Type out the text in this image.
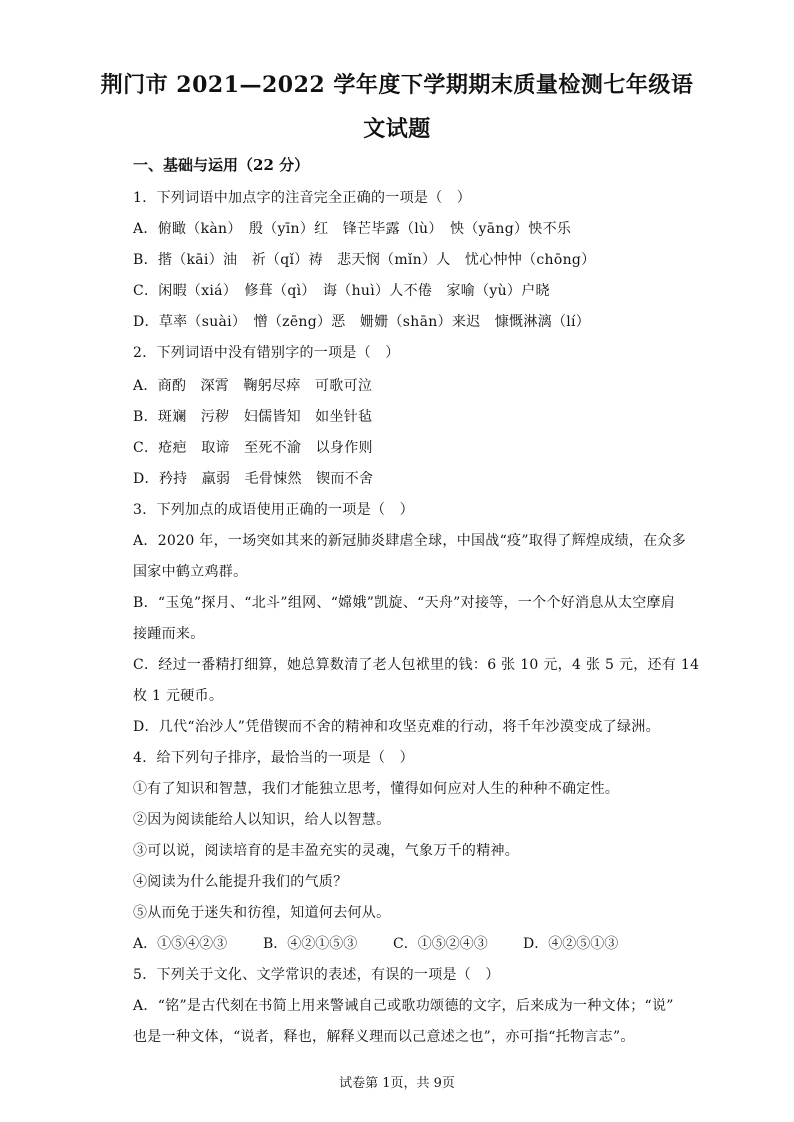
荆门市 2021—2022 学年度下学期期末质量检测七年级语
文试题
一、基础与运用（22 分）
1．下列词语中加点字的注音完全正确的一项是（　）
A．俯瞰（kàn）　殷（yīn）红　锋芒毕露（lù）　怏（yāng）怏不乐
B．揩（kāi）油　祈（qǐ）祷　悲天悯（mǐn）人　忧心忡忡（chōng）
C．闲暇（xiá）　修葺（qì）　诲（huì）人不倦　家喻（yù）户晓
D．草率（suài）　憎（zēng）恶　姗姗（shān）来迟　慷慨淋漓（lí）
2．下列词语中没有错别字的一项是（　）
A．商酌　深霄　鞠躬尽瘁　可歌可泣
B．斑斓　污秽　妇儒皆知　如坐针毡
C．疮疤　取谛　至死不渝　以身作则
D．矜持　羸弱　毛骨悚然　锲而不舍
3．下列加点的成语使用正确的一项是（　）
A．2020 年，一场突如其来的新冠肺炎肆虐全球，中国战“疫”取得了辉煌成绩，在众多
国家中鹤立鸡群。
B．“玉兔”探月、“北斗”组网、“嫦娥”凯旋、“天舟”对接等，一个个好消息从太空摩肩
接踵而来。
C．经过一番精打细算，她总算数清了老人包袱里的钱：6 张 10 元，4 张 5 元，还有 14
枚 1 元硬币。
D．几代“治沙人”凭借锲而不舍的精神和攻坚克难的行动，将千年沙漠变成了绿洲。
4．给下列句子排序，最恰当的一项是（　）
①有了知识和智慧，我们才能独立思考，懂得如何应对人生的种种不确定性。
②因为阅读能给人以知识，给人以智慧。
③可以说，阅读培育的是丰盈充实的灵魂，气象万千的精神。
④阅读为什么能提升我们的气质？
⑤从而免于迷失和彷徨，知道何去何从。
A．①⑤④②③	B．④②①⑤③	C．①⑤②④③	D．④②⑤①③
5．下列关于文化、文学常识的表述，有误的一项是（　）
A．“铭”是古代刻在书简上用来警诫自己或歌功颂德的文字，后来成为一种文体；“说”
也是一种文体，“说者，释也，解释义理而以己意述之也”，亦可指“托物言志”。
试卷第 1页，共 9页
